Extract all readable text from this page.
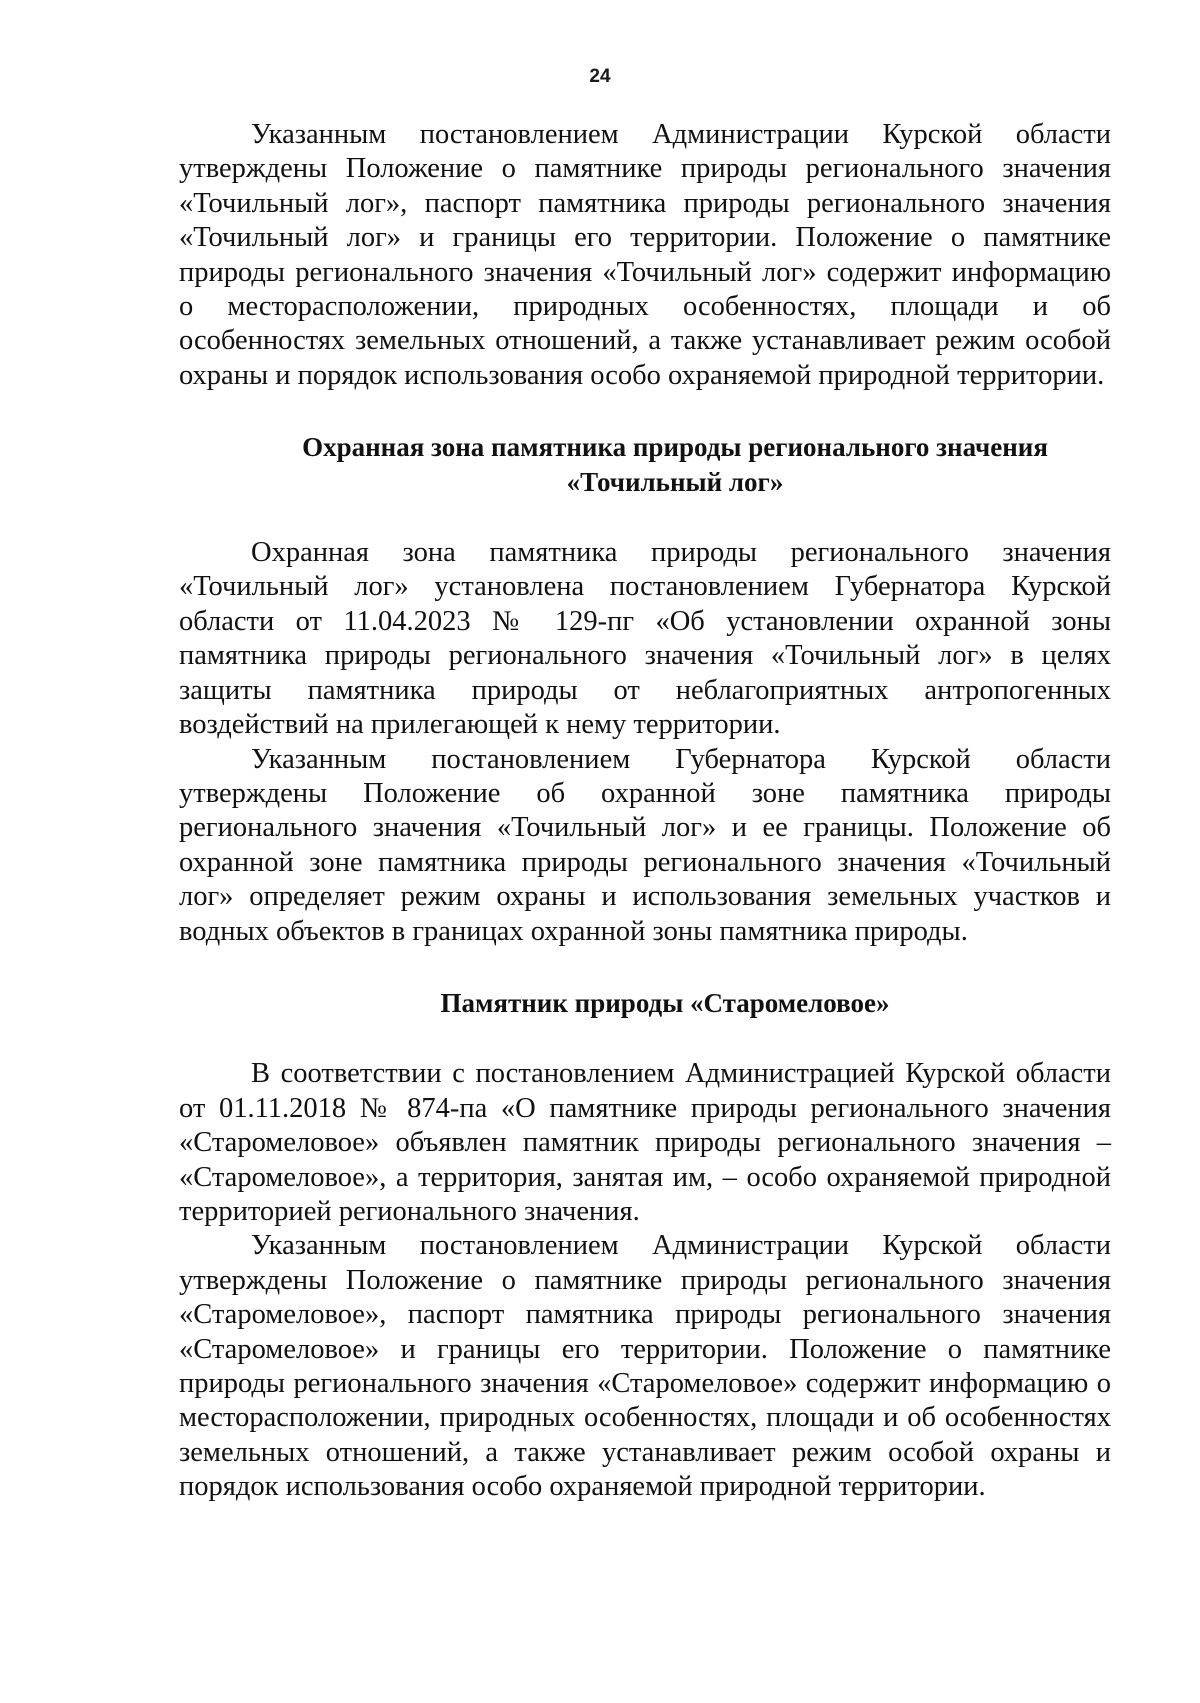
24

Указанным постановлением Администрации Курской области утверждены Положение о памятнике природы регионального значения «Точильный лог», паспорт памятника природы регионального значения «Точильный лог» и границы его территории. Положение о памятнике природы регионального значения «Точильный лог» содержит информацию о месторасположении, природных особенностях, площади и об особенностях земельных отношений, а также устанавливает режим особой охраны и порядок использования особо охраняемой природной территории.

Охранная зона памятника природы регионального значения
«Точильный лог»

Охранная зона памятника природы регионального значения «Точильный лог» установлена постановлением Губернатора Курской области от 11.04.2023 № 129-пг «Об установлении охранной зоны памятника природы регионального значения «Точильный лог» в целях защиты памятника природы от неблагоприятных антропогенных воздействий на прилегающей к нему территории.

Указанным постановлением Губернатора Курской области утверждены Положение об охранной зоне памятника природы регионального значения «Точильный лог» и ее границы. Положение об охранной зоне памятника природы регионального значения «Точильный лог» определяет режим охраны и использования земельных участков и водных объектов в границах охранной зоны памятника природы.

Памятник природы «Старомеловое»

В соответствии с постановлением Администрацией Курской области от 01.11.2018 № 874-па «О памятнике природы регионального значения «Старомеловое» объявлен памятник природы регионального значения – «Старомеловое», а территория, занятая им, – особо охраняемой природной территорией регионального значения.

Указанным постановлением Администрации Курской области утверждены Положение о памятнике природы регионального значения «Старомеловое», паспорт памятника природы регионального значения «Старомеловое» и границы его территории. Положение о памятнике природы регионального значения «Старомеловое» содержит информацию о месторасположении, природных особенностях, площади и об особенностях земельных отношений, а также устанавливает режим особой охраны и порядок использования особо охраняемой природной территории.
